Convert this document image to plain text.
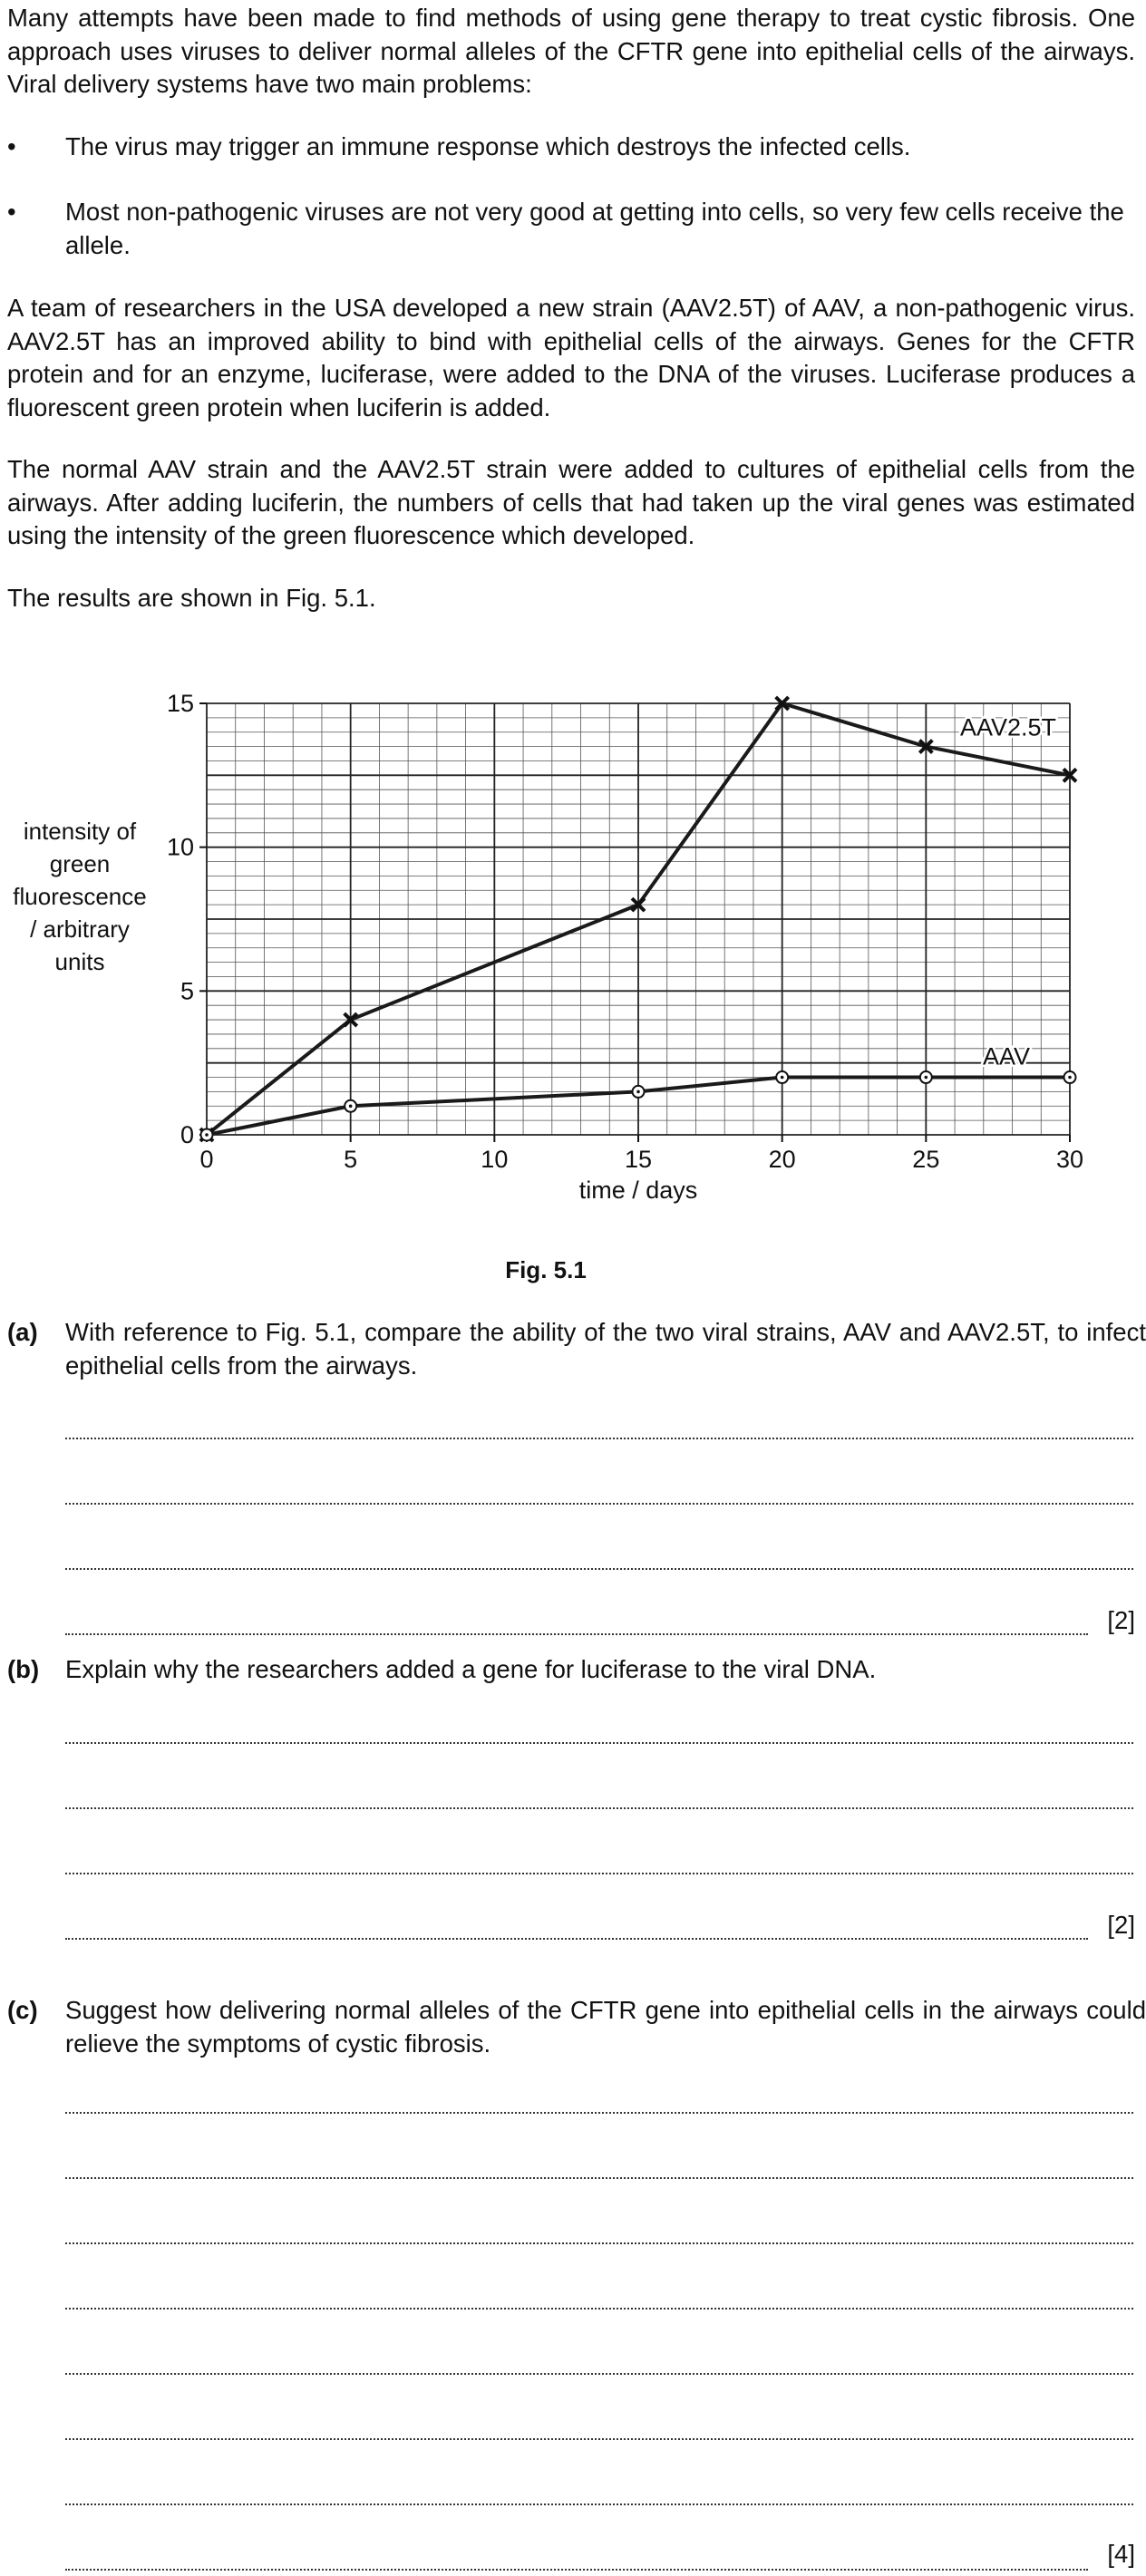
Many attempts have been made to find methods of using gene therapy to treat cystic fibrosis. One approach uses viruses to deliver normal alleles of the CFTR gene into epithelial cells of the airways. Viral delivery systems have two main problems:

• The virus may trigger an immune response which destroys the infected cells.
• Most non-pathogenic viruses are not very good at getting into cells, so very few cells receive the allele.

A team of researchers in the USA developed a new strain (AAV2.5T) of AAV, a non-pathogenic virus. AAV2.5T has an improved ability to bind with epithelial cells of the airways. Genes for the CFTR protein and for an enzyme, luciferase, were added to the DNA of the viruses. Luciferase produces a fluorescent green protein when luciferin is added.

The normal AAV strain and the AAV2.5T strain were added to cultures of epithelial cells from the airways. After adding luciferin, the numbers of cells that had taken up the viral genes was estimated using the intensity of the green fluorescence which developed.

The results are shown in Fig. 5.1.

intensity of
green
fluorescence
/ arbitrary
units
0	5	10	15	20	25	30
0
5
10
15
time / days
AAV2.5T
AAV
Fig. 5.1
(a) With reference to Fig. 5.1, compare the ability of the two viral strains, AAV and AAV2.5T, to infect epithelial cells from the airways.
[2]
(b) Explain why the researchers added a gene for luciferase to the viral DNA.
[2]
(c) Suggest how delivering normal alleles of the CFTR gene into epithelial cells in the airways could relieve the symptoms of cystic fibrosis.
[4]
